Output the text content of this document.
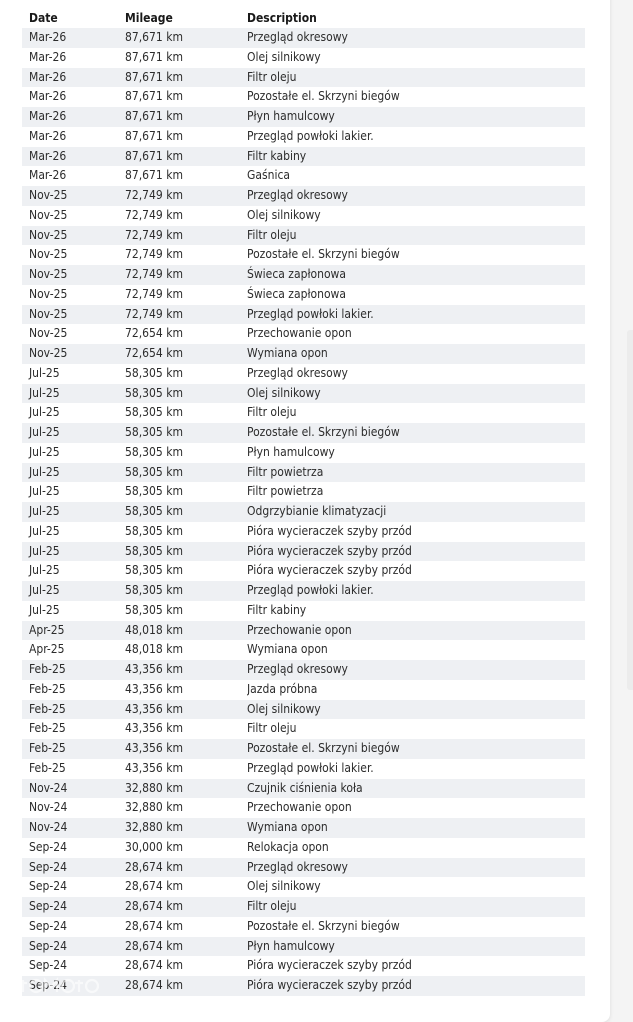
Date	Mileage	Description
Mar-26	87,671 km	Przegląd okresowy
Mar-26	87,671 km	Olej silnikowy
Mar-26	87,671 km	Filtr oleju
Mar-26	87,671 km	Pozostałe el. Skrzyni biegów
Mar-26	87,671 km	Płyn hamulcowy
Mar-26	87,671 km	Przegląd powłoki lakier.
Mar-26	87,671 km	Filtr kabiny
Mar-26	87,671 km	Gaśnica
Nov-25	72,749 km	Przegląd okresowy
Nov-25	72,749 km	Olej silnikowy
Nov-25	72,749 km	Filtr oleju
Nov-25	72,749 km	Pozostałe el. Skrzyni biegów
Nov-25	72,749 km	Świeca zapłonowa
Nov-25	72,749 km	Świeca zapłonowa
Nov-25	72,749 km	Przegląd powłoki lakier.
Nov-25	72,654 km	Przechowanie opon
Nov-25	72,654 km	Wymiana opon
Jul-25	58,305 km	Przegląd okresowy
Jul-25	58,305 km	Olej silnikowy
Jul-25	58,305 km	Filtr oleju
Jul-25	58,305 km	Pozostałe el. Skrzyni biegów
Jul-25	58,305 km	Płyn hamulcowy
Jul-25	58,305 km	Filtr powietrza
Jul-25	58,305 km	Filtr powietrza
Jul-25	58,305 km	Odgrzybianie klimatyzacji
Jul-25	58,305 km	Pióra wycieraczek szyby przód
Jul-25	58,305 km	Pióra wycieraczek szyby przód
Jul-25	58,305 km	Pióra wycieraczek szyby przód
Jul-25	58,305 km	Przegląd powłoki lakier.
Jul-25	58,305 km	Filtr kabiny
Apr-25	48,018 km	Przechowanie opon
Apr-25	48,018 km	Wymiana opon
Feb-25	43,356 km	Przegląd okresowy
Feb-25	43,356 km	Jazda próbna
Feb-25	43,356 km	Olej silnikowy
Feb-25	43,356 km	Filtr oleju
Feb-25	43,356 km	Pozostałe el. Skrzyni biegów
Feb-25	43,356 km	Przegląd powłoki lakier.
Nov-24	32,880 km	Czujnik ciśnienia koła
Nov-24	32,880 km	Przechowanie opon
Nov-24	32,880 km	Wymiana opon
Sep-24	30,000 km	Relokacja opon
Sep-24	28,674 km	Przegląd okresowy
Sep-24	28,674 km	Olej silnikowy
Sep-24	28,674 km	Filtr oleju
Sep-24	28,674 km	Pozostałe el. Skrzyni biegów
Sep-24	28,674 km	Płyn hamulcowy
Sep-24	28,674 km	Pióra wycieraczek szyby przód
Sep-24	28,674 km	Pióra wycieraczek szyby przód
